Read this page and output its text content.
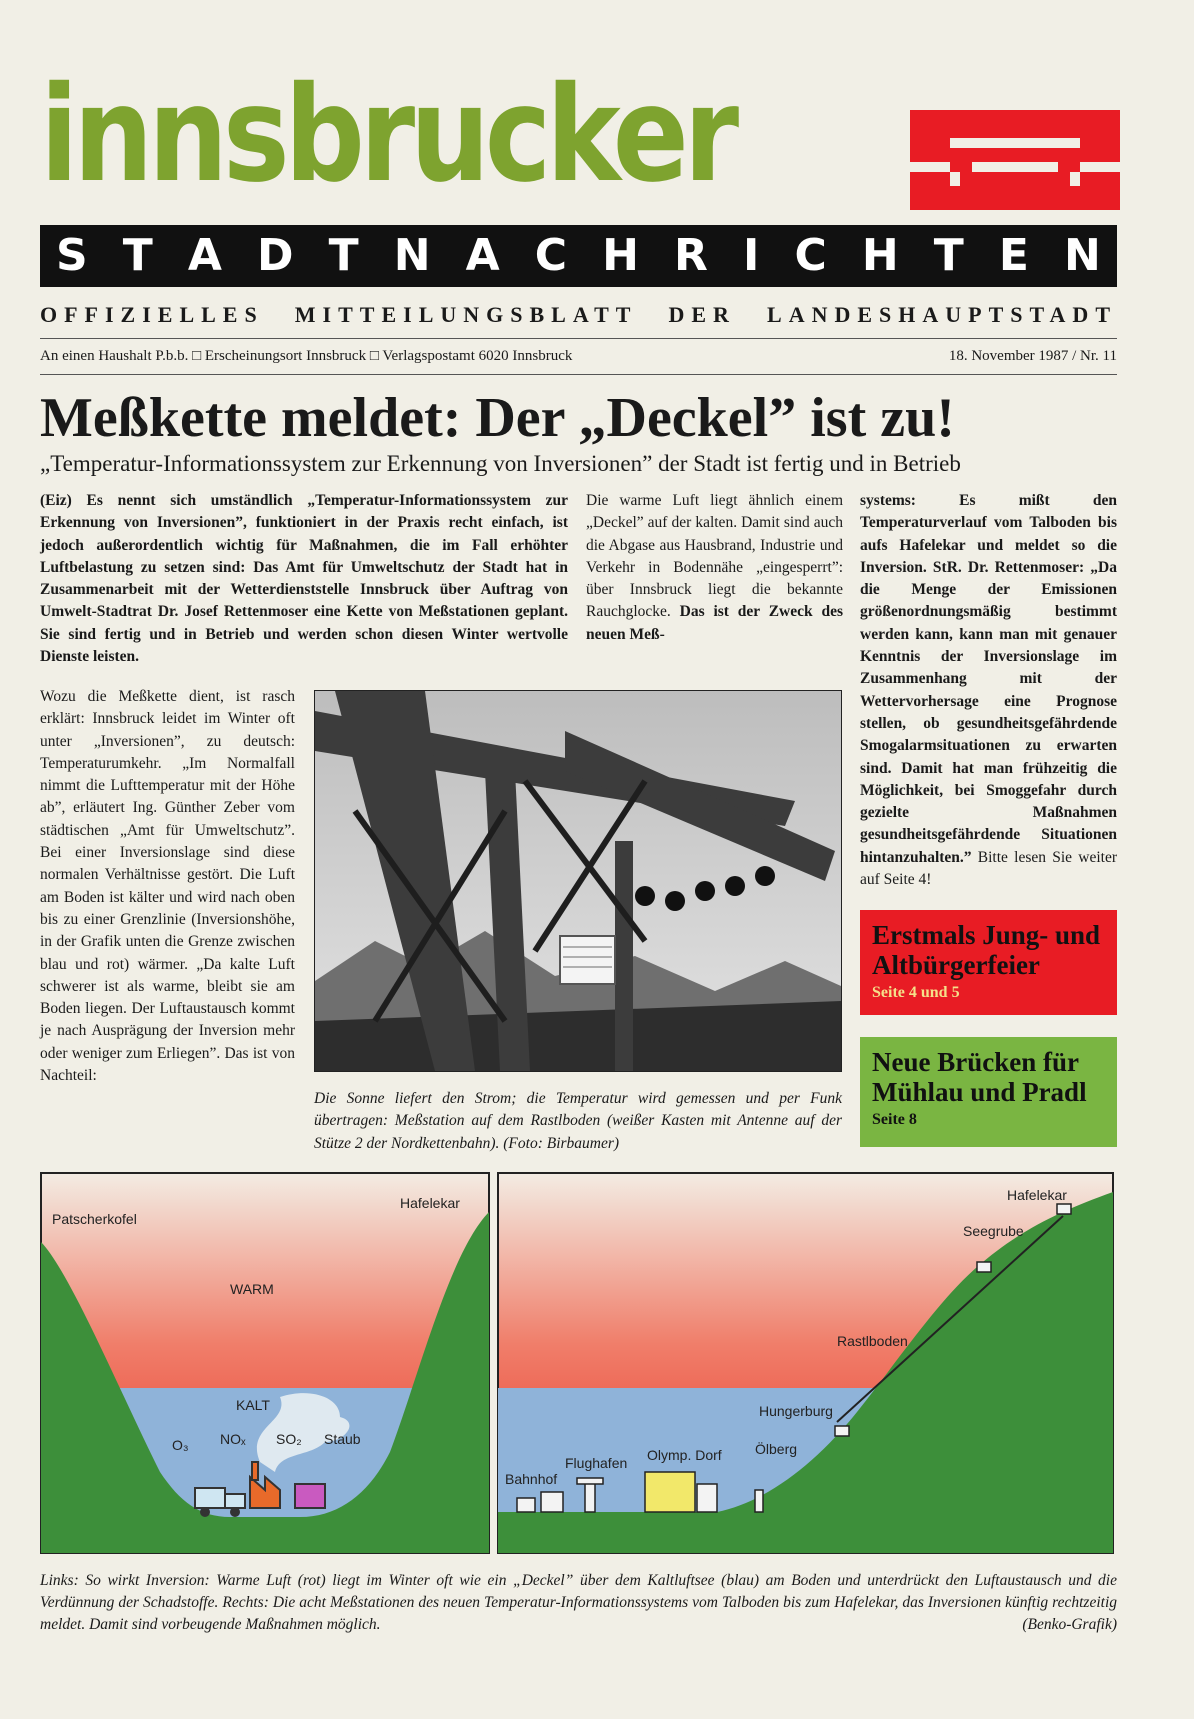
innsbrucker
S T A D T N A C H R I C H T E N
OFFIZIELLES MITTEILUNGSBLATT DER LANDESHAUPTSTADT
An einen Haushalt P.b.b. □ Erscheinungsort Innsbruck □ Verlagspostamt 6020 Innsbruck	18. November 1987 / Nr. 11
Meßkette meldet: Der „Deckel” ist zu!
„Temperatur-Informationssystem zur Erkennung von Inversionen” der Stadt ist fertig und in Betrieb
(Eiz) Es nennt sich umständlich „Temperatur-Informationssystem zur Erkennung von Inversionen”, funktioniert in der Praxis recht einfach, ist jedoch außerordentlich wichtig für Maßnahmen, die im Fall erhöhter Luftbelastung zu setzen sind: Das Amt für Umweltschutz der Stadt hat in Zusammenarbeit mit der Wetterdienststelle Innsbruck über Auftrag von Umwelt-Stadtrat Dr. Josef Rettenmoser eine Kette von Meßstationen geplant. Sie sind fertig und in Betrieb und werden schon diesen Winter wertvolle Dienste leisten.
Die warme Luft liegt ähnlich einem „Deckel” auf der kalten. Damit sind auch die Abgase aus Hausbrand, Industrie und Verkehr in Bodennähe „eingesperrt”: über Innsbruck liegt die bekannte Rauchglocke. Das ist der Zweck des neuen Meß-
systems: Es mißt den Temperaturverlauf vom Talboden bis aufs Hafelekar und meldet so die Inversion. StR. Dr. Rettenmoser: „Da die Menge der Emissionen größenordnungsmäßig bestimmt werden kann, kann man mit genauer Kenntnis der Inversionslage im Zusammenhang mit der Wettervorhersage eine Prognose stellen, ob gesundheitsgefährdende Smogalarmsituationen zu erwarten sind. Damit hat man frühzeitig die Möglichkeit, bei Smoggefahr durch gezielte Maßnahmen gesundheitsgefährdende Situationen hintanzuhalten.” Bitte lesen Sie weiter auf Seite 4!
Wozu die Meßkette dient, ist rasch erklärt: Innsbruck leidet im Winter oft unter „Inversionen”, zu deutsch: Temperaturumkehr. „Im Normalfall nimmt die Lufttemperatur mit der Höhe ab”, erläutert Ing. Günther Zeber vom städtischen „Amt für Umweltschutz”. Bei einer Inversionslage sind diese normalen Verhältnisse gestört. Die Luft am Boden ist kälter und wird nach oben bis zu einer Grenzlinie (Inversionshöhe, in der Grafik unten die Grenze zwischen blau und rot) wärmer. „Da kalte Luft schwerer ist als warme, bleibt sie am Boden liegen. Der Luftaustausch kommt je nach Ausprägung der Inversion mehr oder weniger zum Erliegen”. Das ist von Nachteil:
Die Sonne liefert den Strom; die Temperatur wird gemessen und per Funk übertragen: Meßstation auf dem Rastlboden (weißer Kasten mit Antenne auf der Stütze 2 der Nordkettenbahn). (Foto: Birbaumer)
Erstmals Jung- und Altbürgerfeier
Seite 4 und 5
Neue Brücken für Mühlau und Pradl
Seite 8
Patscherkofel
Hafelekar
WARM
KALT
O₃ NOₓ SO₂ Staub
Hafelekar
Seegrube
Rastlboden
Hungerburg
Ölberg
Olymp. Dorf
Flughafen
Bahnhof
Links: So wirkt Inversion: Warme Luft (rot) liegt im Winter oft wie ein „Deckel” über dem Kaltluftsee (blau) am Boden und unterdrückt den Luftaustausch und die Verdünnung der Schadstoffe. Rechts: Die acht Meßstationen des neuen Temperatur-Informationssystems vom Talboden bis zum Hafelekar, das Inversionen künftig rechtzeitig meldet. Damit sind vorbeugende Maßnahmen möglich.	(Benko-Grafik)
